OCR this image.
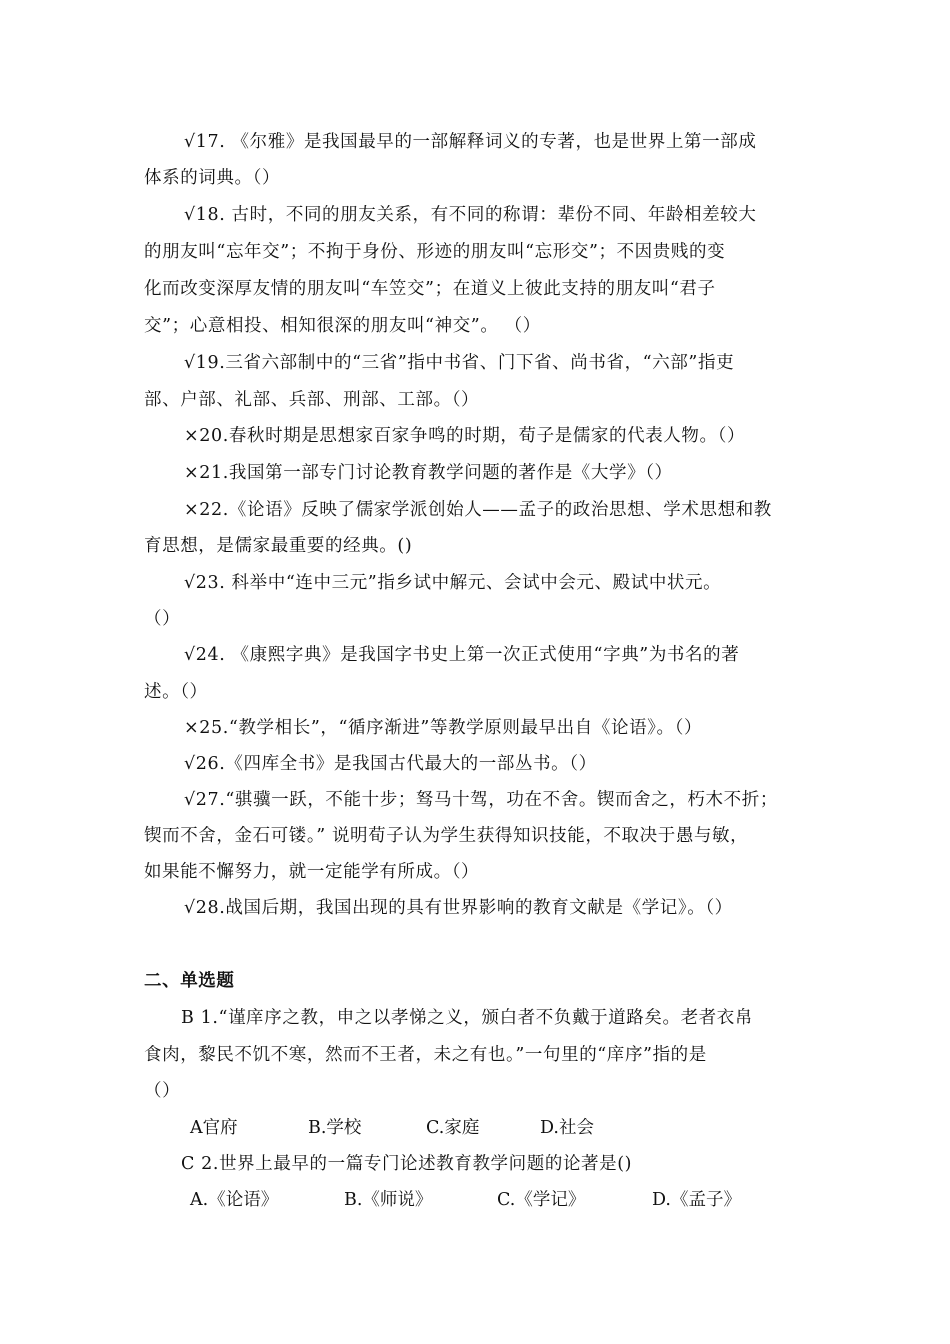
√17. 《尔雅》是我国最早的一部解释词义的专著，也是世界上第一部成
体系的词典。（）
√18. 古时，不同的朋友关系，有不同的称谓：辈份不同、年龄相差较大
的朋友叫“忘年交”；不拘于身份、形迹的朋友叫“忘形交”；不因贵贱的变
化而改变深厚友情的朋友叫“车笠交”；在道义上彼此支持的朋友叫“君子
交”；心意相投、相知很深的朋友叫“神交”。 （）
√19.三省六部制中的“三省”指中书省、门下省、尚书省，“六部”指吏
部、户部、礼部、兵部、刑部、工部。（）
×20.春秋时期是思想家百家争鸣的时期，荀子是儒家的代表人物。（）
×21.我国第一部专门讨论教育教学问题的著作是《大学》（）
×22.《论语》反映了儒家学派创始人——孟子的政治思想、学术思想和教
育思想，是儒家最重要的经典。()
√23. 科举中“连中三元”指乡试中解元、会试中会元、殿试中状元。
（）
√24. 《康熙字典》是我国字书史上第一次正式使用“字典”为书名的著
述。（）
×25.“教学相长”，“循序渐进”等教学原则最早出自《论语》。（）
√26.《四库全书》是我国古代最大的一部丛书。（）
√27.“骐骥一跃，不能十步；驽马十驾，功在不舍。锲而舍之，朽木不折；
锲而不舍，金石可镂。” 说明荀子认为学生获得知识技能，不取决于愚与敏，
如果能不懈努力，就一定能学有所成。（）
√28.战国后期，我国出现的具有世界影响的教育文献是《学记》。（）
二、单选题
B 1.“谨庠序之教，申之以孝悌之义，颁白者不负戴于道路矣。老者衣帛
食肉，黎民不饥不寒，然而不王者，未之有也。”一句里的“庠序”指的是
（）
A官府	B.学校	C.家庭	D.社会
C 2.世界上最早的一篇专门论述教育教学问题的论著是()
A.《论语》	B.《师说》	C.《学记》	D.《孟子》
